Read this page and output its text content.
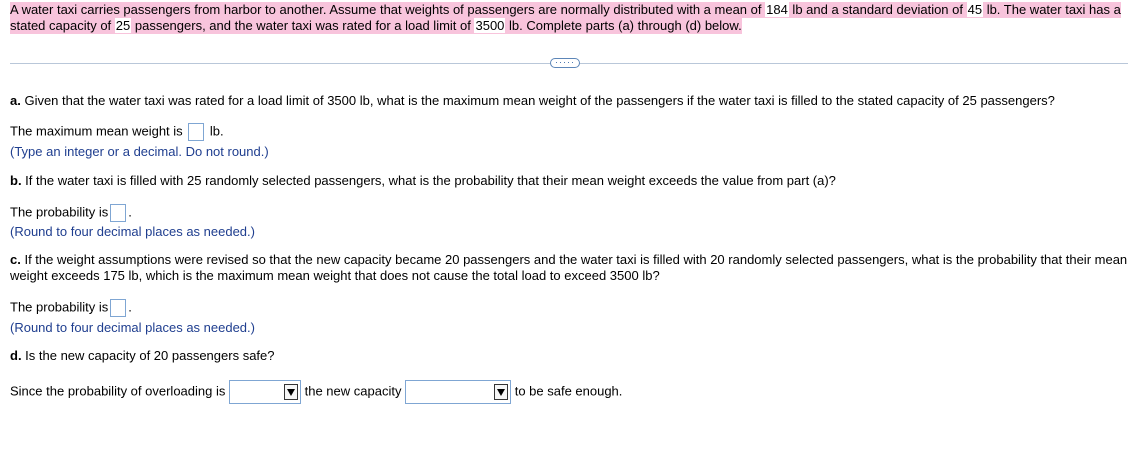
A water taxi carries passengers from harbor to another. Assume that weights of passengers are normally distributed with a mean of 184 lb and a standard deviation of 45 lb. The water taxi has a
stated capacity of 25 passengers, and the water taxi was rated for a load limit of 3500 lb. Complete parts (a) through (d) below.
·····
a. Given that the water taxi was rated for a load limit of 3500 lb, what is the maximum mean weight of the passengers if the water taxi is filled to the stated capacity of 25 passengers?
The maximum mean weight is lb.
(Type an integer or a decimal. Do not round.)
b. If the water taxi is filled with 25 randomly selected passengers, what is the probability that their mean weight exceeds the value from part (a)?
The probability is .
(Round to four decimal places as needed.)
c. If the weight assumptions were revised so that the new capacity became 20 passengers and the water taxi is filled with 20 randomly selected passengers, what is the probability that their mean weight exceeds 175 lb, which is the maximum mean weight that does not cause the total load to exceed 3500 lb?
The probability is .
(Round to four decimal places as needed.)
d. Is the new capacity of 20 passengers safe?
Since the probability of overloading is	the new capacity	to be safe enough.
